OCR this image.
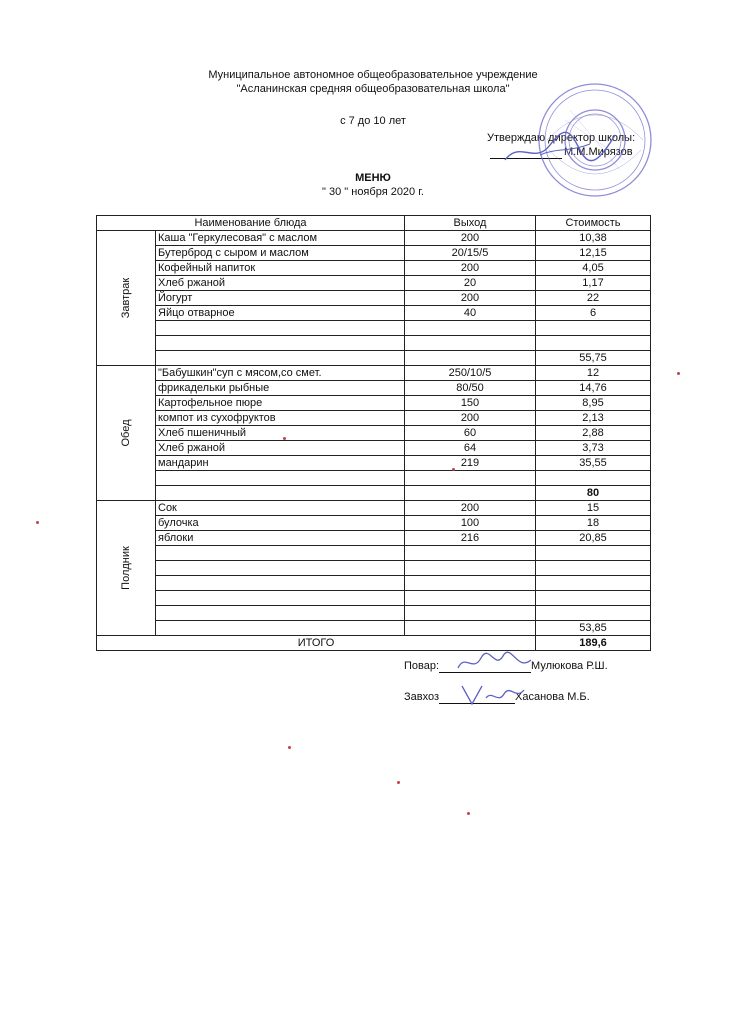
Муниципальное автономное общеобразовательное учреждение
"Асланинская средняя общеобразовательная школа"
с 7 до 10 лет
Утверждаю директор школы:
М.М.Мирязов
МЕНЮ
" 30 " ноября 2020 г.
Наименование блюда		Выход	Стоимость

Завтрак	Каша "Геркулесовая" с маслом	200	10,38
	Бутерброд с сыром и маслом	20/15/5	12,15
	Кофейный напиток	200	4,05
	Хлеб ржаной	20	1,17
	Йогурт	200	22
	Яйцо отварное	40	6

			55,75

Обед	"Бабушкин"суп с мясом,со смет.	250/10/5	12
	фрикадельки рыбные	80/50	14,76
	Картофельное пюре	150	8,95
	компот из сухофруктов	200	2,13
	Хлеб пшеничный	60	2,88
	Хлеб ржаной	64	3,73
	мандарин	219	35,55

			80

Полдник	Сок	200	15
	булочка	100	18
	яблоки	216	20,85

			53,85
ИТОГО			189,6
Повар:	Мулюкова Р.Ш.
Завхоз	Хасанова М.Б.
